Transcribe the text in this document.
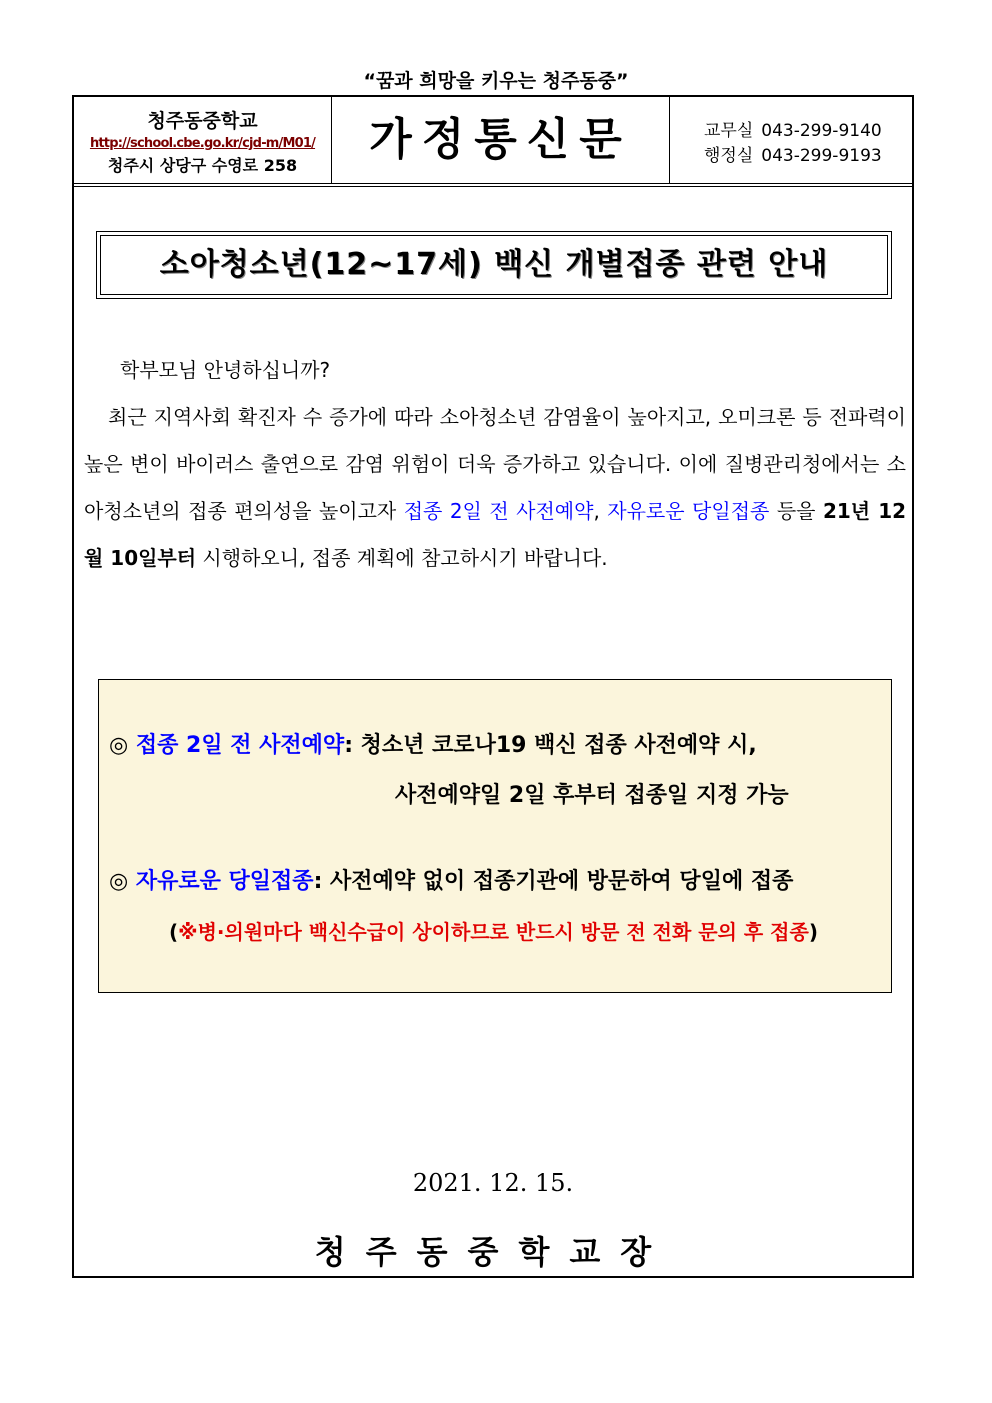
“꿈과 희망을 키우는 청주동중”
청주동중학교
http://school.cbe.go.kr/cjd-m/M01/
청주시 상당구 수영로 258
가정통신문	교무실 043-299-9140
행정실 043-299-9193
소아청소년(12~17세) 백신 개별접종 관련 안내

학부모님 안녕하십니까?

최근 지역사회 확진자 수 증가에 따라 소아청소년 감염율이 높아지고, 오미크론 등 전파력이 높은 변이 바이러스 출연으로 감염 위험이 더욱 증가하고 있습니다. 이에 질병관리청에서는 소아청소년의 접종 편의성을 높이고자 접종 2일 전 사전예약, 자유로운 당일접종 등을 21년 12월 10일부터 시행하오니, 접종 계획에 참고하시기 바랍니다.

◎ 접종 2일 전 사전예약: 청소년 코로나19 백신 접종 사전예약 시,
사전예약일 2일 후부터 접종일 지정 가능
◎ 자유로운 당일접종: 사전예약 없이 접종기관에 방문하여 당일에 접종
(※병·의원마다 백신수급이 상이하므로 반드시 방문 전 전화 문의 후 접종)
2021. 12. 15.
청주동중학교장
